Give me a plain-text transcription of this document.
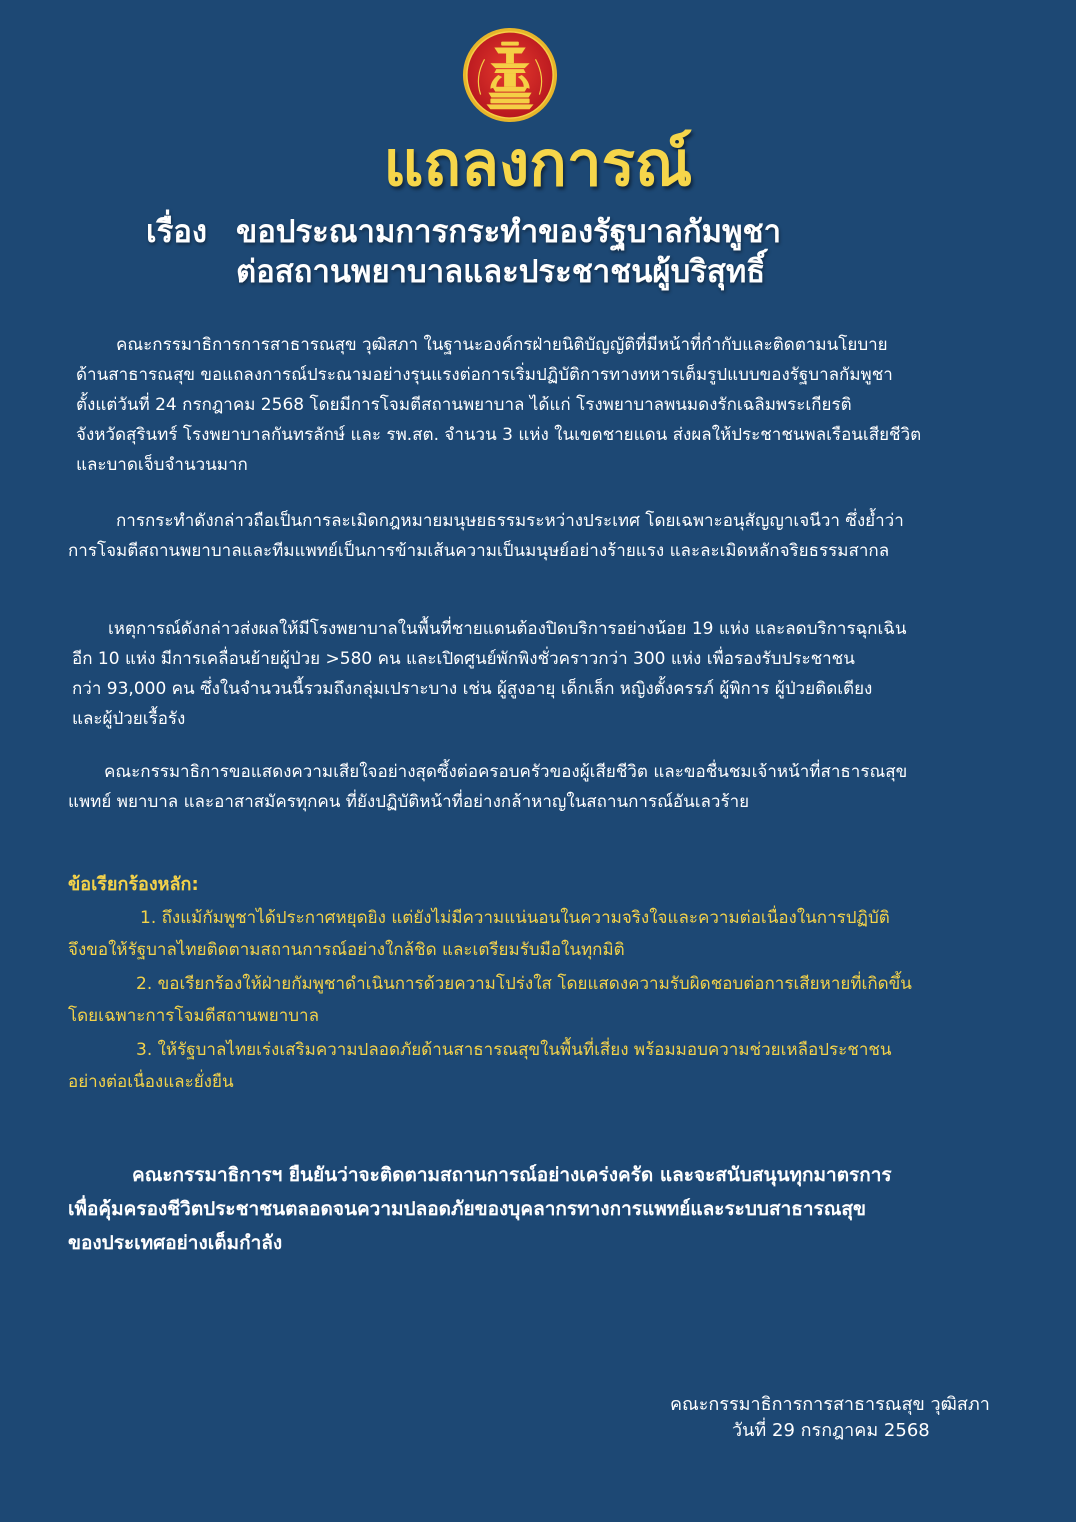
แถลงการณ์
เรื่อง ขอประณามการกระทำของรัฐบาลกัมพูชา
ต่อสถานพยาบาลและประชาชนผู้บริสุทธิ์
คณะกรรมาธิการการสาธารณสุข วุฒิสภา ในฐานะองค์กรฝ่ายนิติบัญญัติที่มีหน้าที่กำกับและติดตามนโยบาย
ด้านสาธารณสุข ขอแถลงการณ์ประณามอย่างรุนแรงต่อการเริ่มปฏิบัติการทางทหารเต็มรูปแบบของรัฐบาลกัมพูชา
ตั้งแต่วันที่ 24 กรกฎาคม 2568 โดยมีการโจมตีสถานพยาบาล ได้แก่ โรงพยาบาลพนมดงรักเฉลิมพระเกียรติ
จังหวัดสุรินทร์ โรงพยาบาลกันทรลักษ์ และ รพ.สต. จำนวน 3 แห่ง ในเขตชายแดน ส่งผลให้ประชาชนพลเรือนเสียชีวิต
และบาดเจ็บจำนวนมาก
การกระทำดังกล่าวถือเป็นการละเมิดกฎหมายมนุษยธรรมระหว่างประเทศ โดยเฉพาะอนุสัญญาเจนีวา ซึ่งย้ำว่า
การโจมตีสถานพยาบาลและทีมแพทย์เป็นการข้ามเส้นความเป็นมนุษย์อย่างร้ายแรง และละเมิดหลักจริยธรรมสากล
เหตุการณ์ดังกล่าวส่งผลให้มีโรงพยาบาลในพื้นที่ชายแดนต้องปิดบริการอย่างน้อย 19 แห่ง และลดบริการฉุกเฉิน
อีก 10 แห่ง มีการเคลื่อนย้ายผู้ป่วย >580 คน และเปิดศูนย์พักพิงชั่วคราวกว่า 300 แห่ง เพื่อรองรับประชาชน
กว่า 93,000 คน ซึ่งในจำนวนนี้รวมถึงกลุ่มเปราะบาง เช่น ผู้สูงอายุ เด็กเล็ก หญิงตั้งครรภ์ ผู้พิการ ผู้ป่วยติดเตียง
และผู้ป่วยเรื้อรัง
คณะกรรมาธิการขอแสดงความเสียใจอย่างสุดซึ้งต่อครอบครัวของผู้เสียชีวิต และขอชื่นชมเจ้าหน้าที่สาธารณสุข
แพทย์ พยาบาล และอาสาสมัครทุกคน ที่ยังปฏิบัติหน้าที่อย่างกล้าหาญในสถานการณ์อันเลวร้าย
ข้อเรียกร้องหลัก:
1. ถึงแม้กัมพูชาได้ประกาศหยุดยิง แต่ยังไม่มีความแน่นอนในความจริงใจและความต่อเนื่องในการปฏิบัติ
จึงขอให้รัฐบาลไทยติดตามสถานการณ์อย่างใกล้ชิด และเตรียมรับมือในทุกมิติ
2. ขอเรียกร้องให้ฝ่ายกัมพูชาดำเนินการด้วยความโปร่งใส โดยแสดงความรับผิดชอบต่อการเสียหายที่เกิดขึ้น
โดยเฉพาะการโจมตีสถานพยาบาล
3. ให้รัฐบาลไทยเร่งเสริมความปลอดภัยด้านสาธารณสุขในพื้นที่เสี่ยง พร้อมมอบความช่วยเหลือประชาชน
อย่างต่อเนื่องและยั่งยืน
คณะกรรมาธิการฯ ยืนยันว่าจะติดตามสถานการณ์อย่างเคร่งครัด และจะสนับสนุนทุกมาตรการ
เพื่อคุ้มครองชีวิตประชาชนตลอดจนความปลอดภัยของบุคลากรทางการแพทย์และระบบสาธารณสุข
ของประเทศอย่างเต็มกำลัง
คณะกรรมาธิการการสาธารณสุข วุฒิสภา
วันที่ 29 กรกฎาคม 2568
